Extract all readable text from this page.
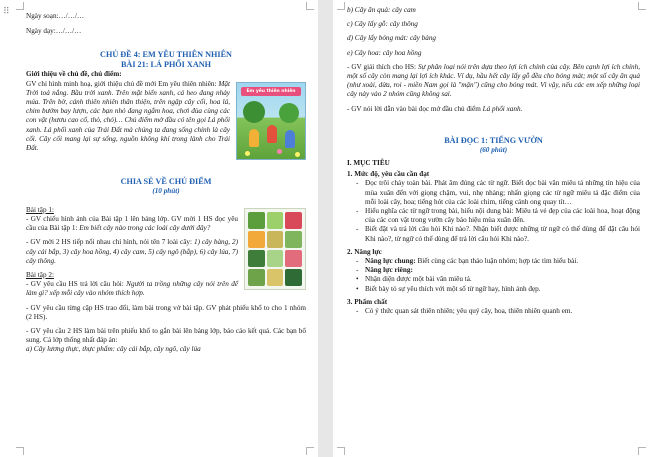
⠿ Ngày soạn:…/…/…

Ngày dạy:…/…/…

CHỦ ĐỀ 4: EM YÊU THIÊN NHIÊN

BÀI 21: LÁ PHỔI XANH

Giới thiệu về chủ đề, chủ điểm:

Em yêu thiên nhiên

GV chỉ hình minh hoạ, giới thiệu chủ đề mới Em yêu thiên nhiên: Mặt Trời toả nắng. Bầu trời xanh. Trên mặt biển xanh, cá heo đang nhảy múa. Trên bờ, cánh thiên nhiên thân thiện, trên ngập cây cối, hoa lá, chim bướm bay lượn, các bạn nhỏ đang ngắm hoa, chơi đùa cùng các con vật (hươu cao cổ, thỏ, chó)… Chủ điểm mở đầu có tên gọi Lá phổi xanh. Lá phổi xanh của Trái Đất mà chúng ta đang sống chính là cây cối. Cây cối mang lại sự sống, nguồn không khí trong lành cho Trái Đất.

CHIA SẺ VỀ CHỦ ĐIỂM

(10 phút)

Bài tập 1:

- GV chiếu hình ảnh của Bài tập 1 lên bảng lớp. GV mời 1 HS đọc yêu cầu của Bài tập 1: Em biết cây nào trong các loài cây dưới đây?

- GV mời 2 HS tiếp nối nhau chỉ hình, nói tên 7 loài cây: 1) cây bàng, 2) cây cải bắp, 3) cây hoa hồng, 4) cây cam, 5) cây ngô (bắp), 6) cây lúa, 7) cây thông.

Bài tập 2:

- GV yêu cầu HS trả lời câu hỏi: Người ta trồng những cây nói trên để làm gì? xếp mỗi cây vào nhóm thích hợp.

- GV yêu cầu từng cặp HS trao đổi, làm bài trong vở bài tập. GV phát phiếu khổ to cho 1 nhóm (2 HS).

- GV yêu cầu 2 HS làm bài trên phiếu khổ to gắn bài lên bảng lớp, báo cáo kết quả. Các bạn bổ sung. Cả lớp thống nhất đáp án:

a) Cây lương thực, thực phẩm: cây cải bắp, cây ngô, cây lúa

b) Cây ăn quả: cây cam

c) Cây lấy gỗ: cây thông

d) Cây lấy bóng mát: cây bàng

e) Cây hoa: cây hoa hồng

- GV giải thích cho HS: Sự phân loại nói trên dựa theo lợi ích chính của cây. Bên cạnh lợi ích chính, một số cây còn mang lại lợi ích khác. Ví dụ, hầu hết cây lấy gỗ đều cho bóng mát; một số cây ăn quả (như xoài, dừa, roi - miền Nam gọi là "mận") cũng cho bóng mát. Vì vậy, nếu các em xếp những loại cây này vào 2 nhóm cũng không sai.

- GV nói lời dẫn vào bài đọc mở đầu chủ điểm Lá phổi xanh.

BÀI ĐỌC 1: TIẾNG VƯỜN

(60 phút)

I. MỤC TIÊU

1. Mức độ, yêu cầu cần đạt

- Đọc trôi chảy toàn bài. Phát âm đúng các từ ngữ. Biết đọc bài văn miêu tả những tín hiệu của mùa xuân đến với giọng chậm, vui, nhẹ nhàng; nhấn giọng các từ ngữ miêu tả đặc điểm của mỗi loài cây, hoa; tiếng hót của các loài chim, tiếng cánh ong quay tít…
- Hiểu nghĩa các từ ngữ trong bài, hiểu nội dung bài: Miêu tả vẻ đẹp của các loài hoa, hoạt động của các con vật trong vườn cây báo hiệu mùa xuân đến.
- Biết đặt và trả lời câu hỏi Khi nào?. Nhận biết được những từ ngữ có thể dùng để đặt câu hỏi Khi nào?, từ ngữ có thể dùng để trả lời câu hỏi Khi nào?.

2. Năng lực

- Năng lực chung: Biết cùng các bạn thảo luận nhóm; hợp tác tìm hiểu bài.
- Năng lực riêng:
• Nhận diện được một bài văn miêu tả.
• Biết bày tỏ sự yêu thích với một số từ ngữ hay, hình ảnh đẹp.

3. Phẩm chất

- Có ý thức quan sát thiên nhiên; yêu quý cây, hoa, thiên nhiên quanh em.
